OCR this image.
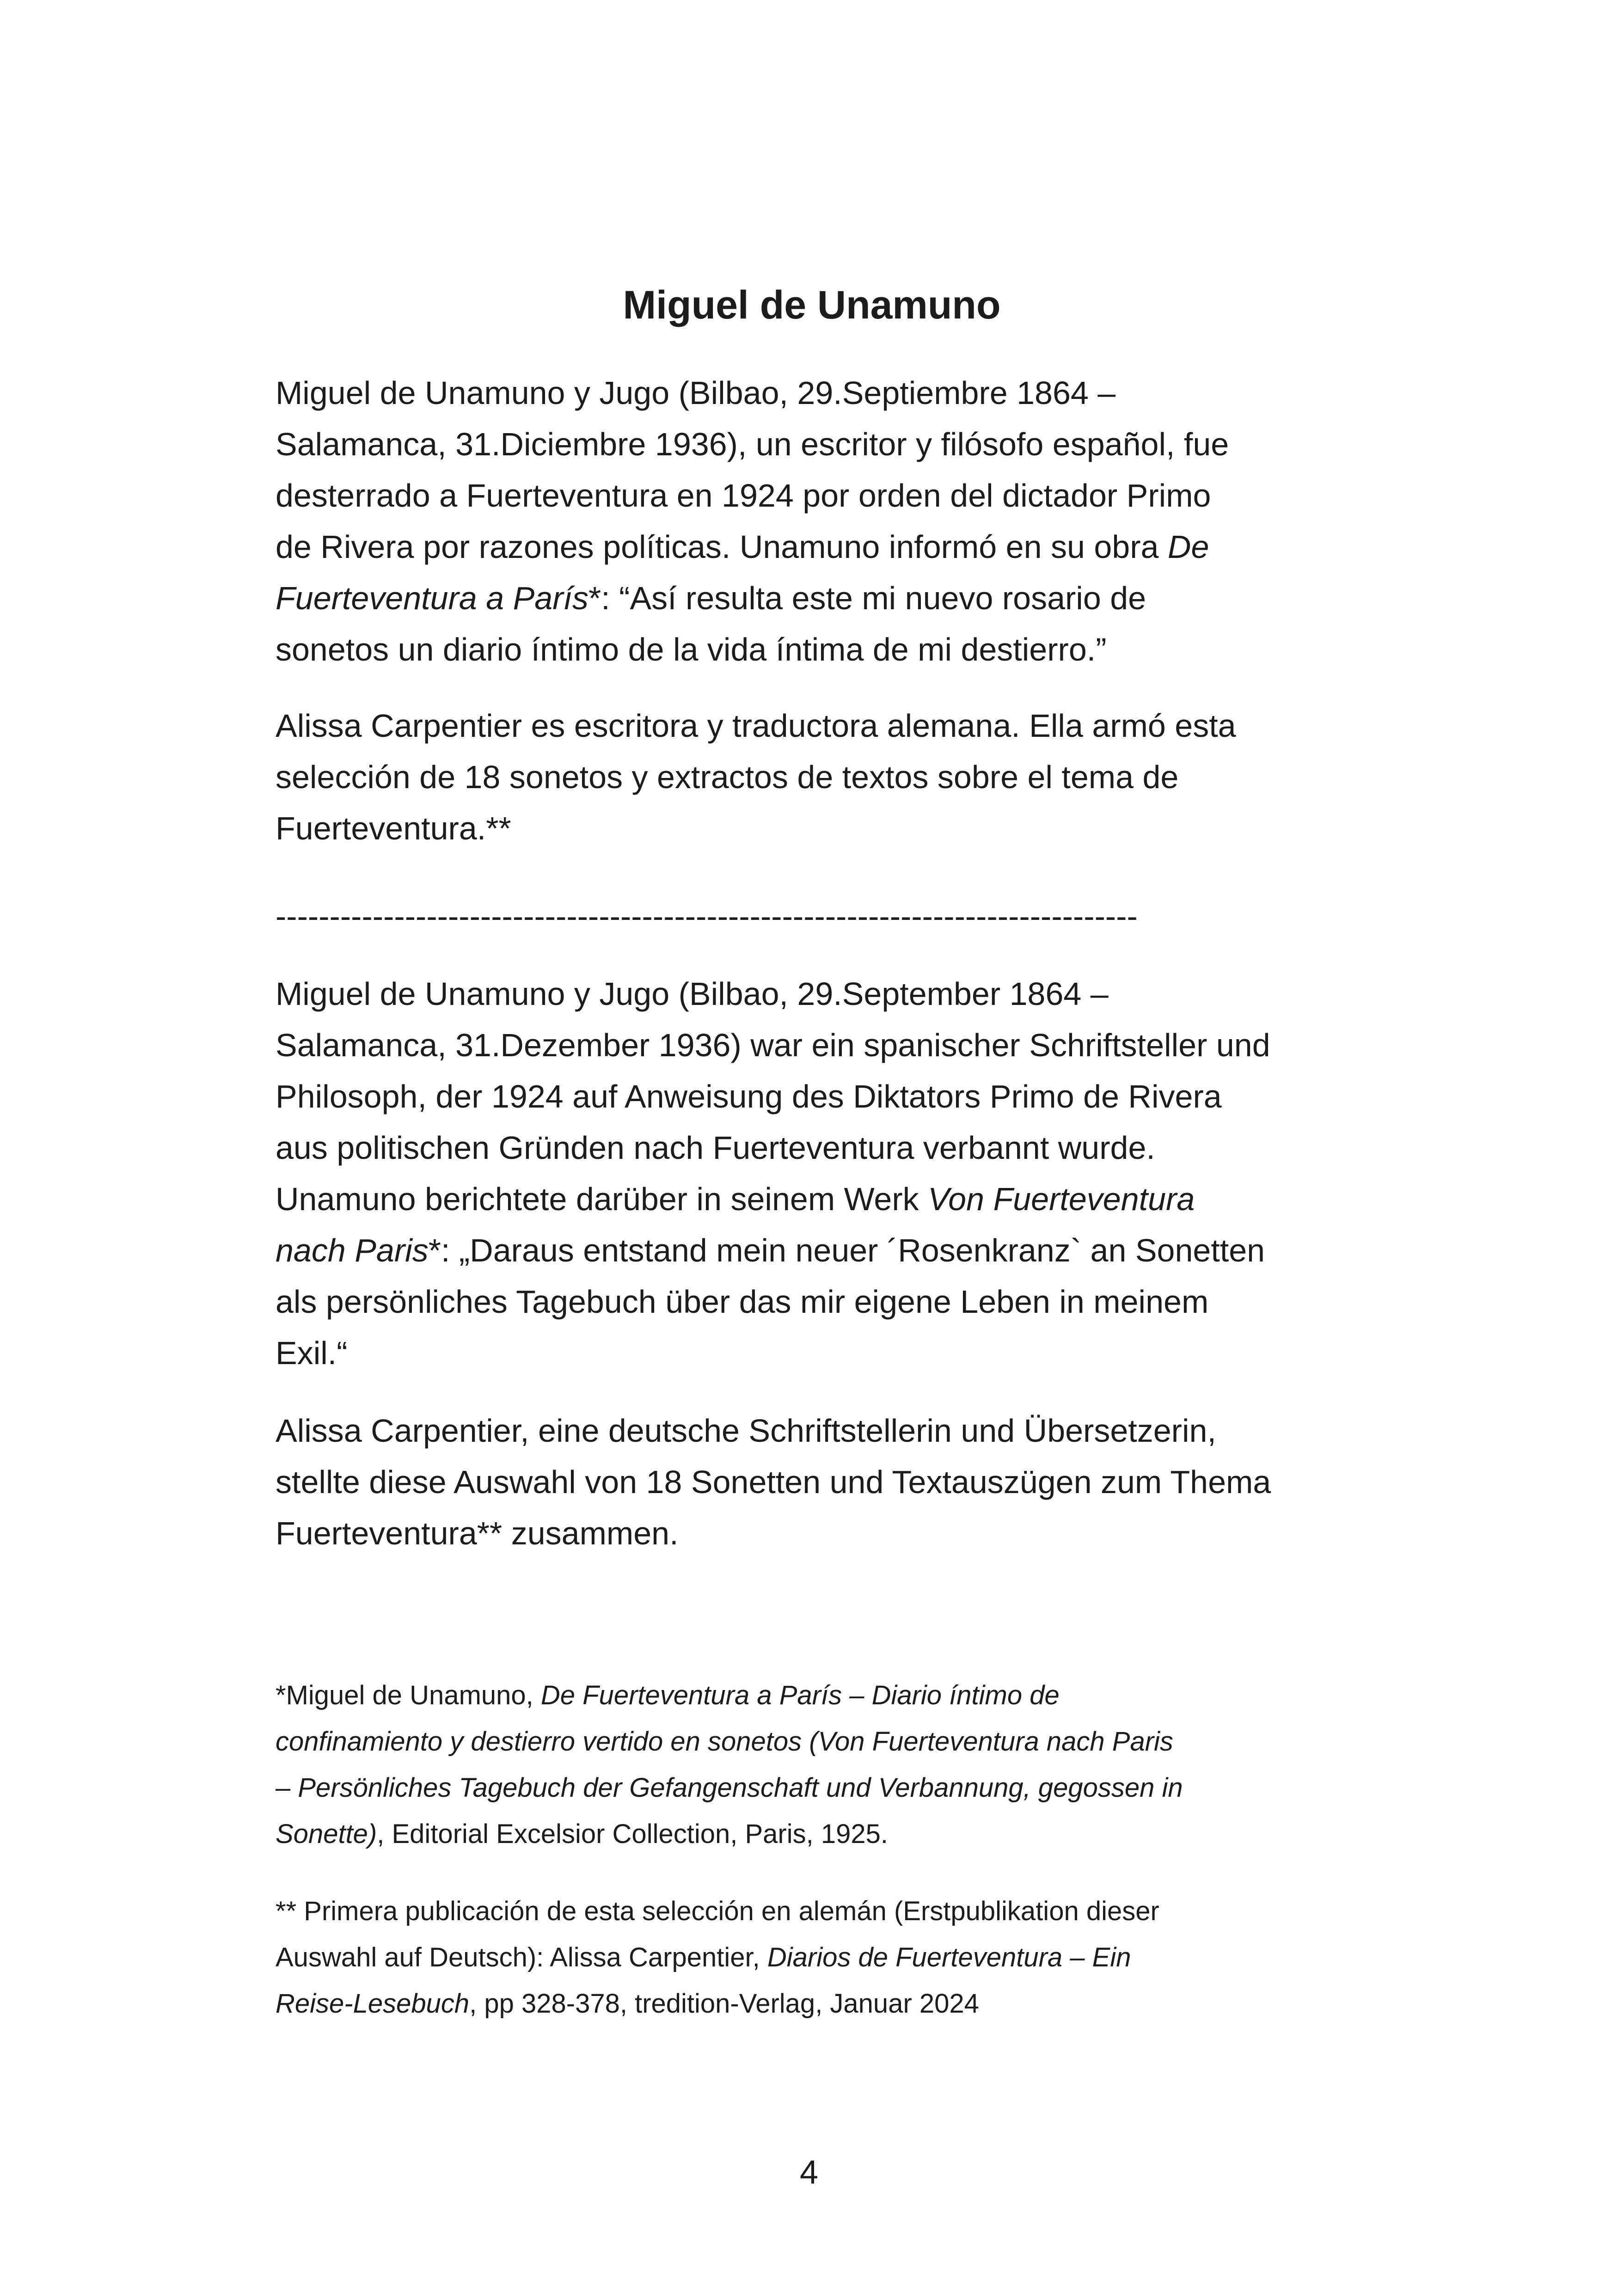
Miguel de Unamuno

Miguel de Unamuno y Jugo (Bilbao, 29.Septiembre 1864 –
Salamanca, 31.Diciembre 1936), un escritor y filósofo español, fue
desterrado a Fuerteventura en 1924 por orden del dictador Primo
de Rivera por razones políticas. Unamuno informó en su obra De
Fuerteventura a París*: “Así resulta este mi nuevo rosario de
sonetos un diario íntimo de la vida íntima de mi destierro.”

Alissa Carpentier es escritora y traductora alemana. Ella armó esta
selección de 18 sonetos y extractos de textos sobre el tema de
Fuerteventura.**

--------------------------------------------------------------------------------

Miguel de Unamuno y Jugo (Bilbao, 29.September 1864 –
Salamanca, 31.Dezember 1936) war ein spanischer Schriftsteller und
Philosoph, der 1924 auf Anweisung des Diktators Primo de Rivera
aus politischen Gründen nach Fuerteventura verbannt wurde.
Unamuno berichtete darüber in seinem Werk Von Fuerteventura
nach Paris*: „Daraus entstand mein neuer ´Rosenkranz` an Sonetten
als persönliches Tagebuch über das mir eigene Leben in meinem
Exil.“

Alissa Carpentier, eine deutsche Schriftstellerin und Übersetzerin,
stellte diese Auswahl von 18 Sonetten und Textauszügen zum Thema
Fuerteventura** zusammen.

*Miguel de Unamuno, De Fuerteventura a París – Diario íntimo de
confinamiento y destierro vertido en sonetos (Von Fuerteventura nach Paris
– Persönliches Tagebuch der Gefangenschaft und Verbannung, gegossen in
Sonette), Editorial Excelsior Collection, Paris, 1925.

** Primera publicación de esta selección en alemán (Erstpublikation dieser
Auswahl auf Deutsch): Alissa Carpentier, Diarios de Fuerteventura – Ein
Reise-Lesebuch, pp 328-378, tredition-Verlag, Januar 2024

4
